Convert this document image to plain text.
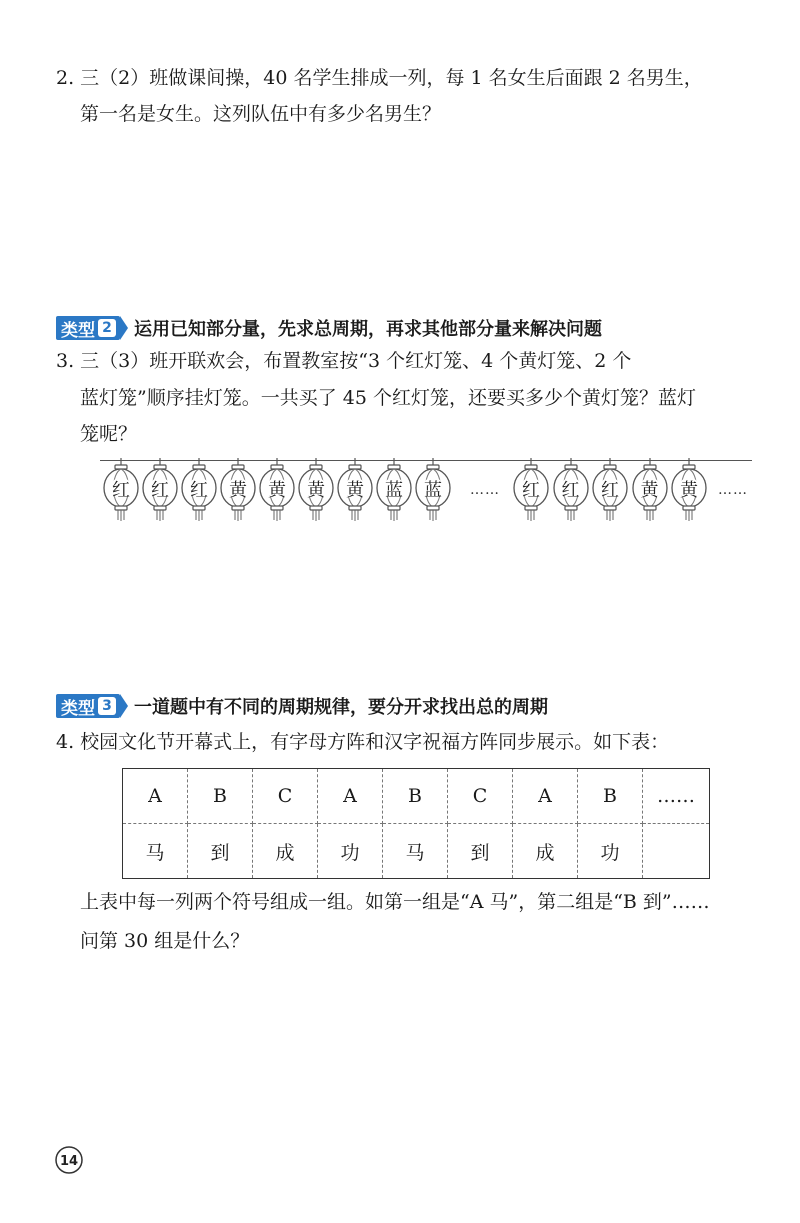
2. 三（2）班做课间操，40 名学生排成一列，每 1 名女生后面跟 2 名男生，
第一名是女生。这列队伍中有多少名男生？
类型 2 运用已知部分量，先求总周期，再求其他部分量来解决问题
3. 三（3）班开联欢会，布置教室按“3 个红灯笼、4 个黄灯笼、2 个
蓝灯笼”顺序挂灯笼。一共买了 45 个红灯笼，还要买多少个黄灯笼？蓝灯
笼呢？
红	红	红	黄	黄	黄	黄	蓝	蓝	红	红	红	黄	黄
……	……
类型 3 一道题中有不同的周期规律，要分开求找出总的周期
4. 校园文化节开幕式上，有字母方阵和汉字祝福方阵同步展示。如下表：
A	B	C	A	B	C	A	B	……
马	到	成	功	马	到	成	功	
上表中每一列两个符号组成一组。如第一组是“A 马”，第二组是“B 到”……
问第 30 组是什么？
14
